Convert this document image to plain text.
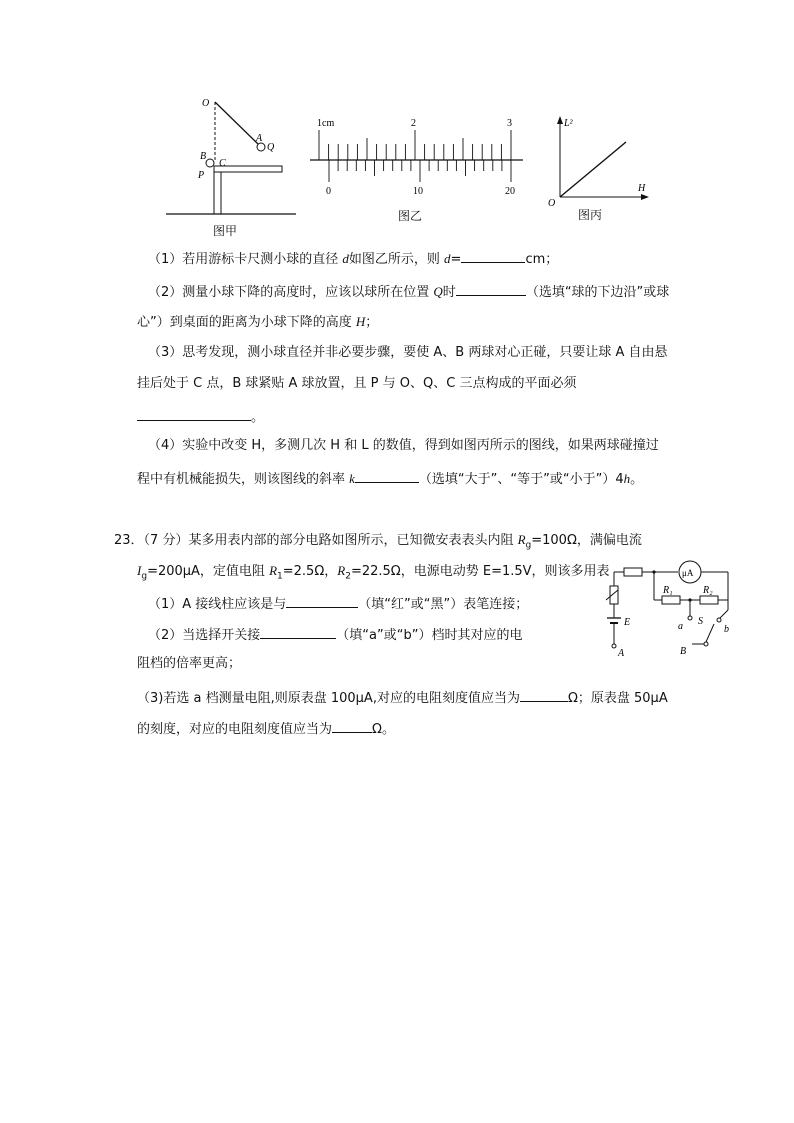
O
A
Q
B
C
P
图甲
1cm	2	3
0	10	20
图乙
L²
H
O
图丙
（1）若用游标卡尺测小球的直径 d如图乙所示，则 d=	cm；
（2）测量小球下降的高度时，应该以球所在位置 Q时	（选填“球的下边沿”或球
心”）到桌面的距离为小球下降的高度 H；
（3）思考发现，测小球直径并非必要步骤，要使 A、B 两球对心正碰，只要让球 A 自由悬
挂后处于 C 点，B 球紧贴 A 球放置，且 P 与 O、Q、C 三点构成的平面必须
。
（4）实验中改变 H，多测几次 H 和 L 的数值，得到如图丙所示的图线，如果两球碰撞过
程中有机械能损失，则该图线的斜率 k	（选填“大于”、“等于”或“小于”）4h。
23．（7 分）某多用表内部的部分电路如图所示，已知微安表表头内阻 $R_g=100\Omega$，满偏电流
$I_g=200\mu A$，定值电阻 $R_1=2.5\Omega$，$R_2=22.5\Omega$，电源电动势 E=1.5V，则该多用表
（1）A 接线柱应该是与	（填“红”或“黑”）表笔连接；
（2）当选择开关接	（填“a”或“b”）档时其对应的电
阻档的倍率更高；
（3)若选 a 档测量电阻,则原表盘 100μA,对应的电阻刻度值应当为	Ω；原表盘 50μA
的刻度，对应的电阻刻度值应当为	Ω。
μA
E
A
R₁	R₂
a	b
S
B
